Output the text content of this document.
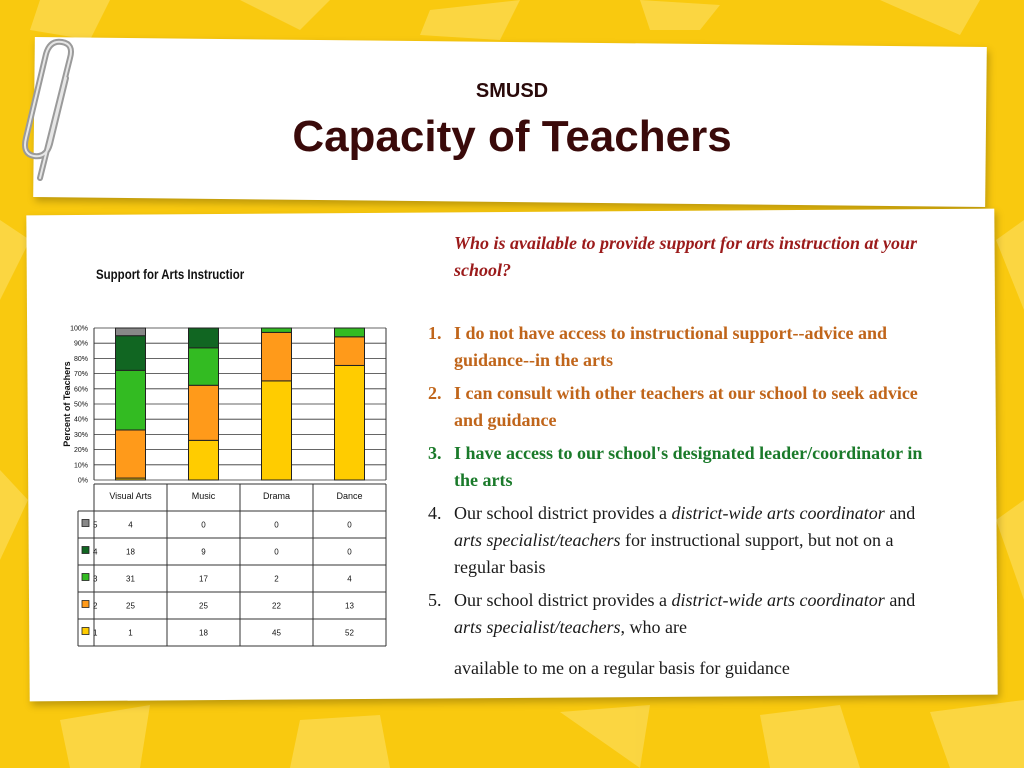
SMUSD
Capacity of Teachers
Support for Arts Instructior
0%
10%
20%
30%
40%
50%
60%
70%
80%
90%
100%
Percent of Teachers
Visual Arts	Music	Drama	Dance
5	4	0	0	0
4	18	9	0	0
3	31	17	2	4
2	25	25	22	13
1	1	18	45	52
Who is available to provide support for arts instruction at your school?
1. I do not have access to instructional support--advice and guidance--in the arts
2. I can consult with other teachers at our school to seek advice and guidance
3. I have access to our school's designated leader/coordinator in the arts
4. Our school district provides a district-wide arts coordinator and arts specialist/teachers for instructional support, but not on a regular basis
5. Our school district provides a district-wide arts coordinator and arts specialist/teachers, who are
available to me on a regular basis for guidance
